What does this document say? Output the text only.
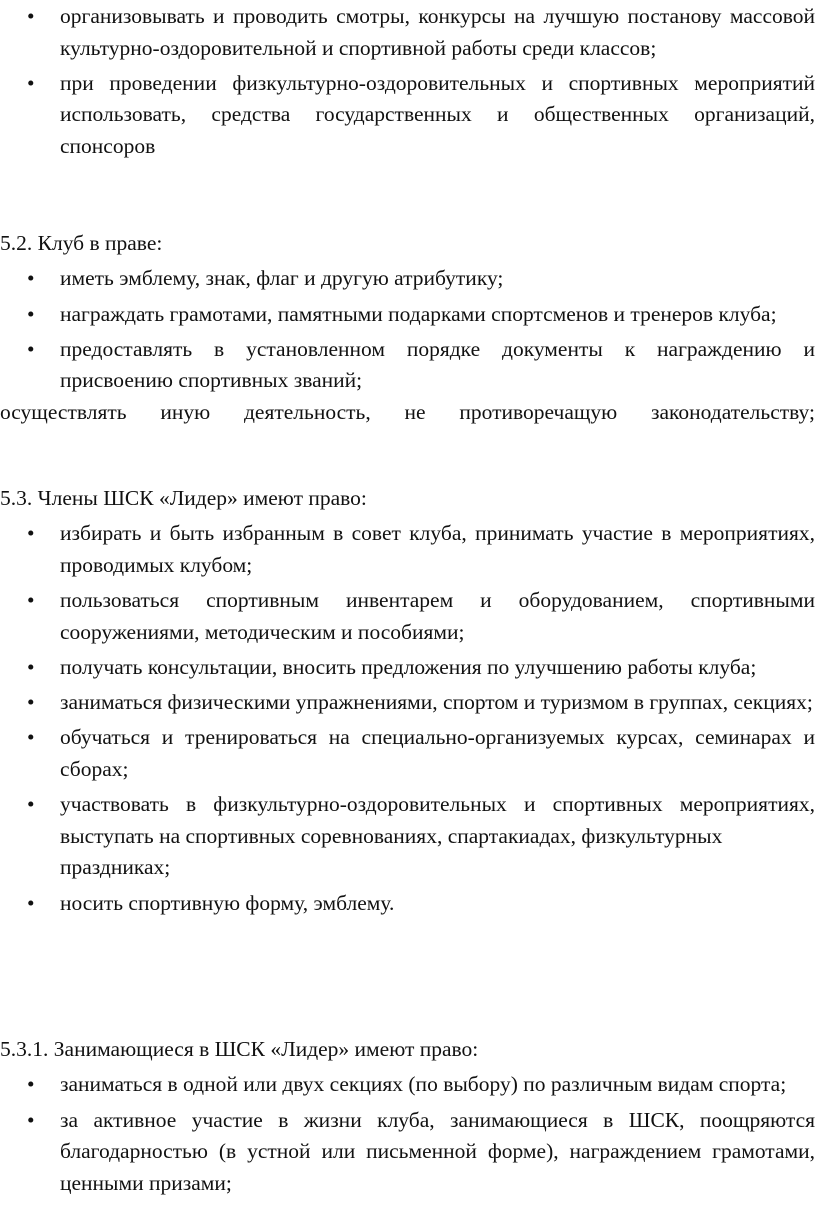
• организовывать и проводить смотры, конкурсы на лучшую постанову массовой культурно-оздоровительной и спортивной работы среди классов;
• при проведении физкультурно-оздоровительных и спортивных мероприятий использовать, средства государственных и общественных организаций, спонсоров
5.2. Клуб в праве:
• иметь эмблему, знак, флаг и другую атрибутику;
• награждать грамотами, памятными подарками спортсменов и тренеров клуба;
• предоставлять в установленном порядке документы к награждению и присвоению спортивных званий;
осуществлять иную деятельность, не противоречащую законодательству;
5.3. Члены ШСК «Лидер» имеют право:
• избирать и быть избранным в совет клуба, принимать участие в мероприятиях, проводимых клубом;
• пользоваться спортивным инвентарем и оборудованием, спортивными сооружениями, методическим и пособиями;
• получать консультации, вносить предложения по улучшению работы клуба;
• заниматься физическими упражнениями, спортом и туризмом в группах, секциях;
• обучаться и тренироваться на специально-организуемых курсах, семинарах и сборах;
• участвовать в физкультурно-оздоровительных и спортивных мероприятиях, выступать на спортивных соревнованиях, спартакиадах, физкультурных
праздниках;
• носить спортивную форму, эмблему.
5.3.1. Занимающиеся в ШСК «Лидер» имеют право:
• заниматься в одной или двух секциях (по выбору) по различным видам спорта;
• за активное участие в жизни клуба, занимающиеся в ШСК, поощряются благодарностью (в устной или письменной форме), награждением грамотами, ценными призами;
